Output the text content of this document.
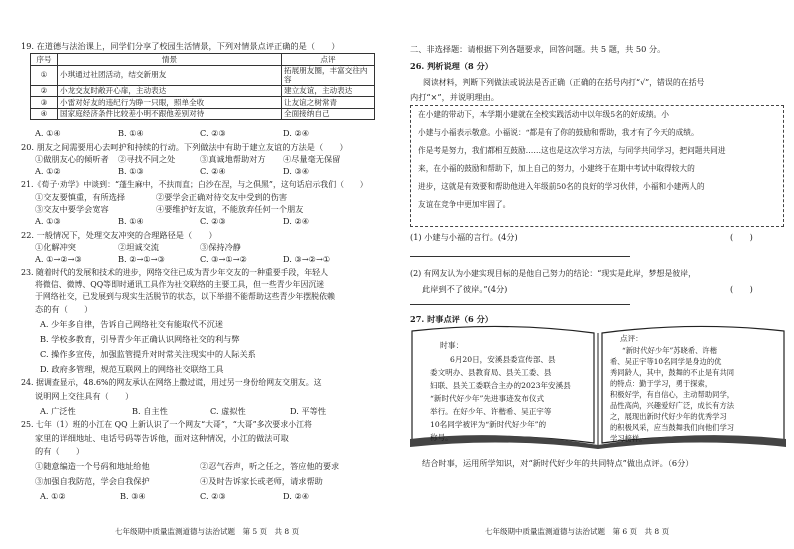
19. 在道德与法治课上，同学们分享了校园生活情景，下列对情景点评正确的是（　　）
序号	情景	点评
①	小琪通过社团活动，结交新朋友	拓展朋友圈，丰富交往内容
②	小龙交友时敞开心扉，主动表达	建立友谊，主动表达
③	小雷对好友的违纪行为睁一只眼，照单全收	让友谊之树常青
④	国家庭经济条件比较差小明不跟他差别对待	全面接纳自己
A. ①④	B. ①④	C. ②③	D. ②④
20. 朋友之间需要用心去呵护和持续的行动。下列做法中有助于建立友谊的方法是（　　）
①做朋友心的倾听者 ②寻找不同之处	③真诚地帮助对方 ④尽量毫无保留
A. ①②	B. ①③	C. ②④	D. ③④
21.《荀子·劝学》中谈到：“蓬生麻中，不扶而直；白沙在涅，与之俱黑”，这句话启示我们（　　）
①交友要慎重，有所选择	②要学会正确对待交友中受到的伤害
③交友中要学会宽容	④要维护好友谊，不能放弃任何一个朋友
A. ①③	B. ①④	C. ②③	D. ②④
22. 一般情况下，处理交友冲突的合理路径是（　　）
①化解冲突	②坦诚交流	③保持冷静
A. ①→②→③	B. ②→①→③	C. ③→①→②	D. ③→②→①
23. 随着时代的发展和技术的进步，网络交往已成为青少年交友的一种重要手段，年轻人
将微信、微博、QQ等即时通讯工具作为社交联络的主要工具，但一些青少年因沉迷
于网络社交，已发展到与现实生活脱节的状态，以下举措不能帮助这些青少年摆脱依赖
态的有（　　）
A. 少年多自律，告诉自己网络社交有能取代不沉迷
B. 学校多教育，引导青少年正确认识网络社交的利与弊
C. 操作多宣传，加强监管提升对时常关注现实中的人际关系
D. 政府多管理，规范互联网上的网络社交联络工具
24. 据调查显示，48.6%的网友承认在网络上撒过谎，用过另一身份给网友交朋友。这
说明网上交往具有（　　）
A. 广泛性	B. 自主性	C. 虚拟性	D. 平等性
25. 七年（1）班的小江在 QQ 上新认识了一个网友“大哥”，“大哥”多次要求小江将
家里的详细地址、电话号码等告诉他，面对这种情况，小江的做法可取
的有（　　）
①随意编造一个号码和地址给他	②忍气吞声，听之任之，答应他的要求
③加强自我防范，学会自我保护	④及时告诉家长或老师，请求帮助
A. ①②	B. ③④	C. ②③	D. ②④
七年级期中质量监测道德与法治试题　第 5 页　共 8 页
二、非选择题：请根据下列各题要求，回答问题。共 5 题，共 50 分。
26. 判析说理（8 分）
阅读材料，判断下列做法或说法是否正确（正确的在括号内打“√”，错误的在括号
内打“×”，并说明理由。
在小建的带动下，本学期小建就在全校实践活动中以年级5名的好成绩。小
小建与小福表示敬意。小福说：“都是有了你的鼓励和帮助，我才有了今天的成绩。
作是考是努力，我们都相互鼓励……这也是这次学习方法，与同学共同学习，把问题共同进
来，在小福的鼓励和帮助下，加上自己的努力，小建终于在期中考试中取得较大的
进步，这就是有效要和帮助他进入年级前50名的良好的学习伙伴，小福和小建两人的
友谊在竞争中更加牢固了。
(1) 小建与小福的言行。(4分)	(　　)
(2) 有网友认为小建实现目标的是他自己努力的结论：“现实是此岸，梦想是彼岸，
此岸到不了彼岸。”(4分)	(　　)
27. 时事点评（6 分）
时事：
6月20日，安溪县委宣传部、县
委文明办、县教育局、县关工委、县
妇联、县关工委联合主办的2023年安溪县
“新时代好少年”先进事迹发布仪式
举行。在好少年、许楷希、吴正宇等
10名同学被评为“新时代好少年”的
称号。
点评：
“新时代好少年”苏晓希、许楷
希、吴正宇等10名同学是身边的优
秀同龄人，其中，鼓舞的不止是有共同
的特点：勤于学习，勇于探索，
积极好学，有自信心，主动帮助同学，
品性高尚，兴趣爱好广泛，成长有方法
之，展现出新时代好少年的优秀学习
的积极风采，应当鼓舞我们向他们学习
学习榜样。
结合时事，运用所学知识，对“新时代好少年的共同特点”做出点评。（6分）
七年级期中质量监测道德与法治试题　第 6 页　共 8 页
